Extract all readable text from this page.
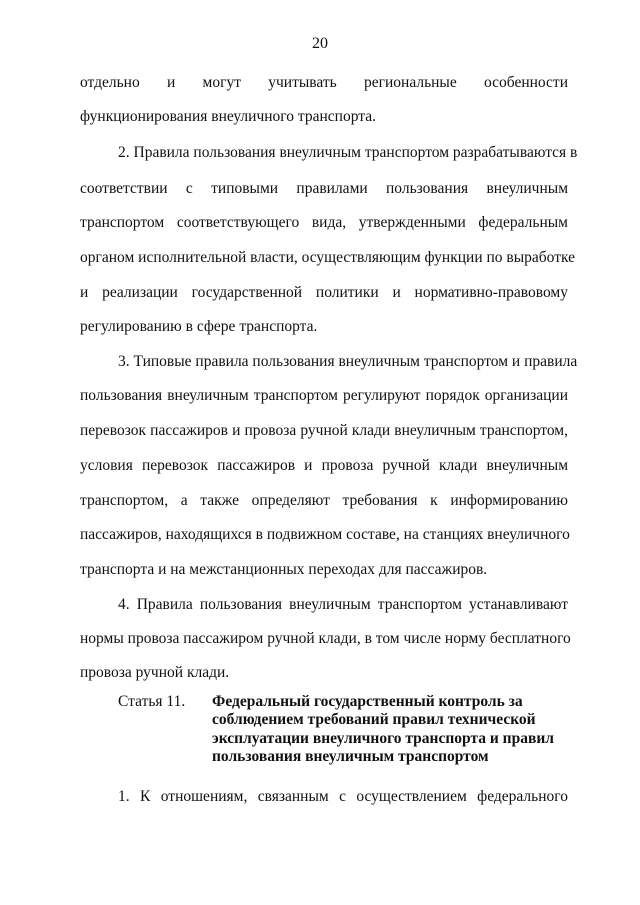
20
отдельно и могут учитывать региональные особенности
функционирования внеуличного транспорта.
2. Правила пользования внеуличным транспортом разрабатываются в
соответствии с типовыми правилами пользования внеуличным
транспортом соответствующего вида, утвержденными федеральным
органом исполнительной власти, осуществляющим функции по выработке
и реализации государственной политики и нормативно-правовому
регулированию в сфере транспорта.
3. Типовые правила пользования внеуличным транспортом и правила
пользования внеуличным транспортом регулируют порядок организации
перевозок пассажиров и провоза ручной клади внеуличным транспортом,
условия перевозок пассажиров и провоза ручной клади внеуличным
транспортом, а также определяют требования к информированию
пассажиров, находящихся в подвижном составе, на станциях внеуличного
транспорта и на межстанционных переходах для пассажиров.
4. Правила пользования внеуличным транспортом устанавливают
нормы провоза пассажиром ручной клади, в том числе норму бесплатного
провоза ручной клади.
Статья 11. Федеральный государственный контроль за
соблюдением требований правил технической
эксплуатации внеуличного транспорта и правил
пользования внеуличным транспортом
1. К отношениям, связанным с осуществлением федерального
